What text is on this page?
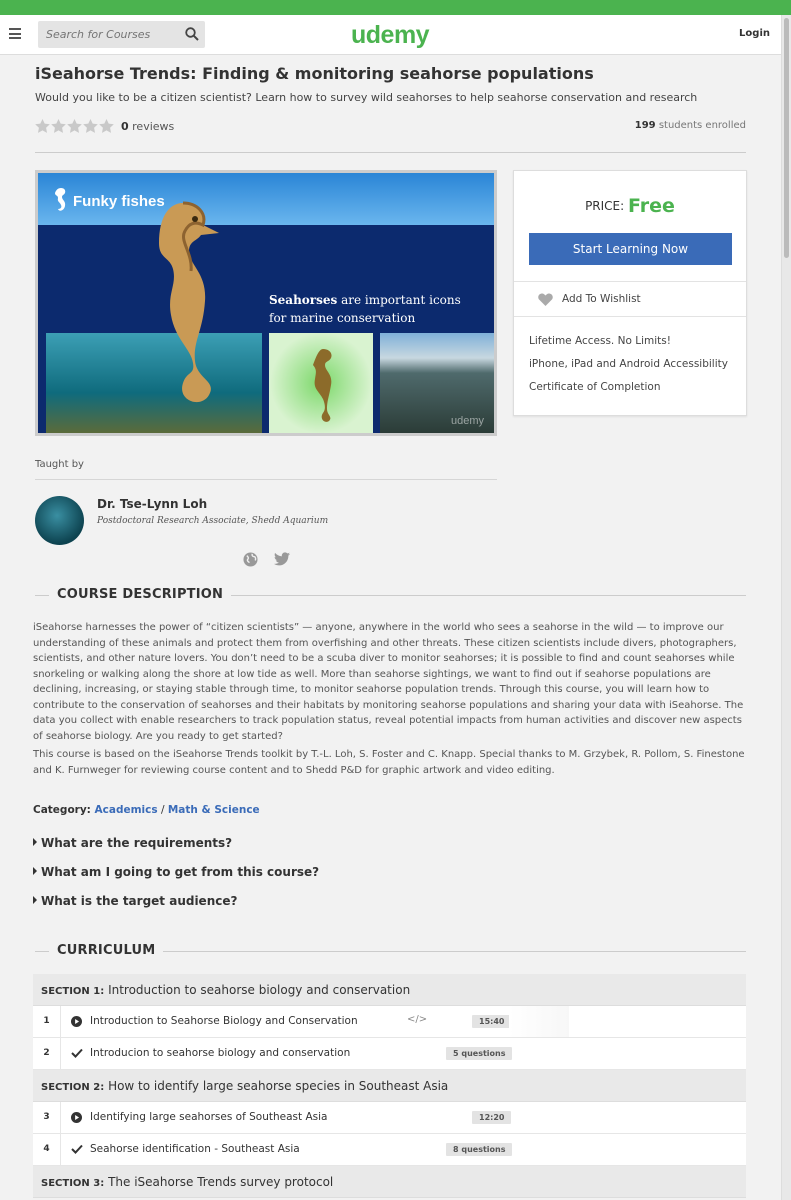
Search for Courses
udemy	Login
iSeahorse Trends: Finding & monitoring seahorse populations
Would you like to be a citizen scientist? Learn how to survey wild seahorses to help seahorse conservation and research
0 reviews	199 students enrolled
Funky fishes
Seahorses are important icons
for marine conservation
udemy
PRICE: Free
Start Learning Now
Add To Wishlist
Lifetime Access. No Limits!
iPhone, iPad and Android Accessibility
Certificate of Completion
Taught by
Dr. Tse-Lynn Loh
Postdoctoral Research Associate, Shedd Aquarium
COURSE DESCRIPTION

iSeahorse harnesses the power of “citizen scientists” — anyone, anywhere in the world who sees a seahorse in the wild — to improve our understanding of these animals and protect them from overfishing and other threats. These citizen scientists include divers, photographers, scientists, and other nature lovers. You don’t need to be a scuba diver to monitor seahorses; it is possible to find and count seahorses while snorkeling or walking along the shore at low tide as well. More than seahorse sightings, we want to find out if seahorse populations are declining, increasing, or staying stable through time, to monitor seahorse population trends. Through this course, you will learn how to contribute to the conservation of seahorses and their habitats by monitoring seahorse populations and sharing your data with iSeahorse. The data you collect with enable researchers to track population status, reveal potential impacts from human activities and discover new aspects of seahorse biology. Are you ready to get started?

This course is based on the iSeahorse Trends toolkit by T.-L. Loh, S. Foster and C. Knapp. Special thanks to M. Grzybek, R. Pollom, S. Finestone and K. Furnweger for reviewing course content and to Shedd P&D for graphic artwork and video editing.

Category: Academics / Math & Science
What are the requirements?
What am I going to get from this course?
What is the target audience?
CURRICULUM
SECTION 1: Introduction to seahorse biology and conservation
1	Introduction to Seahorse Biology and Conservation	</>	15:40
2	Introducion to seahorse biology and conservation	5 questions
SECTION 2: How to identify large seahorse species in Southeast Asia
3	Identifying large seahorses of Southeast Asia	12:20
4	Seahorse identification - Southeast Asia	8 questions
SECTION 3: The iSeahorse Trends survey protocol
